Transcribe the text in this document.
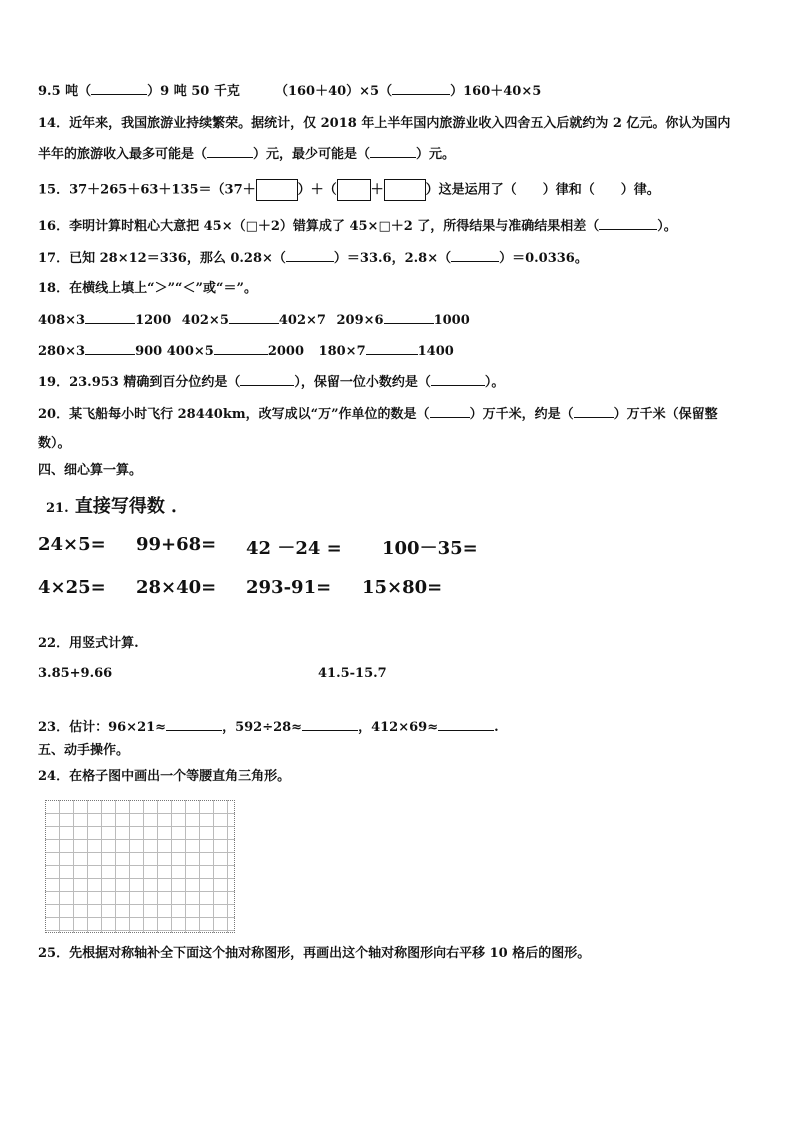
9.5 吨（	）9 吨 50 千克	（160＋40）×5（	）160＋40×5
14．近年来，我国旅游业持续繁荣。据统计，仅 2018 年上半年国内旅游业收入四舍五入后就约为 2 亿元。你认为国内
半年的旅游收入最多可能是（	）元，最少可能是（	）元。
15．37＋265＋63＋135＝（37＋	）＋（	＋	）这是运用了（ ）律和（ ）律。
16．李明计算时粗心大意把 45×（□＋2）错算成了 45×□＋2 了，所得结果与准确结果相差（	）。
17．已知 28×12＝336，那么 0.28×（	）＝33.6，2.8×（	）＝0.0336。
18．在横线上填上“＞”“＜”或“＝”。
408×3	1200 402×5	402×7 209×6	1000
280×3	900 400×5	2000 180×7	1400
19．23.953 精确到百分位约是（	），保留一位小数约是（	）。
20．某飞船每小时飞行 28440km，改写成以“万”作单位的数是（	）万千米，约是（	）万千米（保留整
数）。
四、细心算一算。
21. 直接写得数 ．
24×5= 99+68= 42 －24 = 100－35=
4×25= 28×40= 293-91= 15×80=
22．用竖式计算.
3.85+9.66	41.5-15.7
23．估计：96×21≈	，592÷28≈	，412×69≈	.
五、动手操作。
24．在格子图中画出一个等腰直角三角形。
25．先根据对称轴补全下面这个抽对称图形，再画出这个轴对称图形向右平移 10 格后的图形。
